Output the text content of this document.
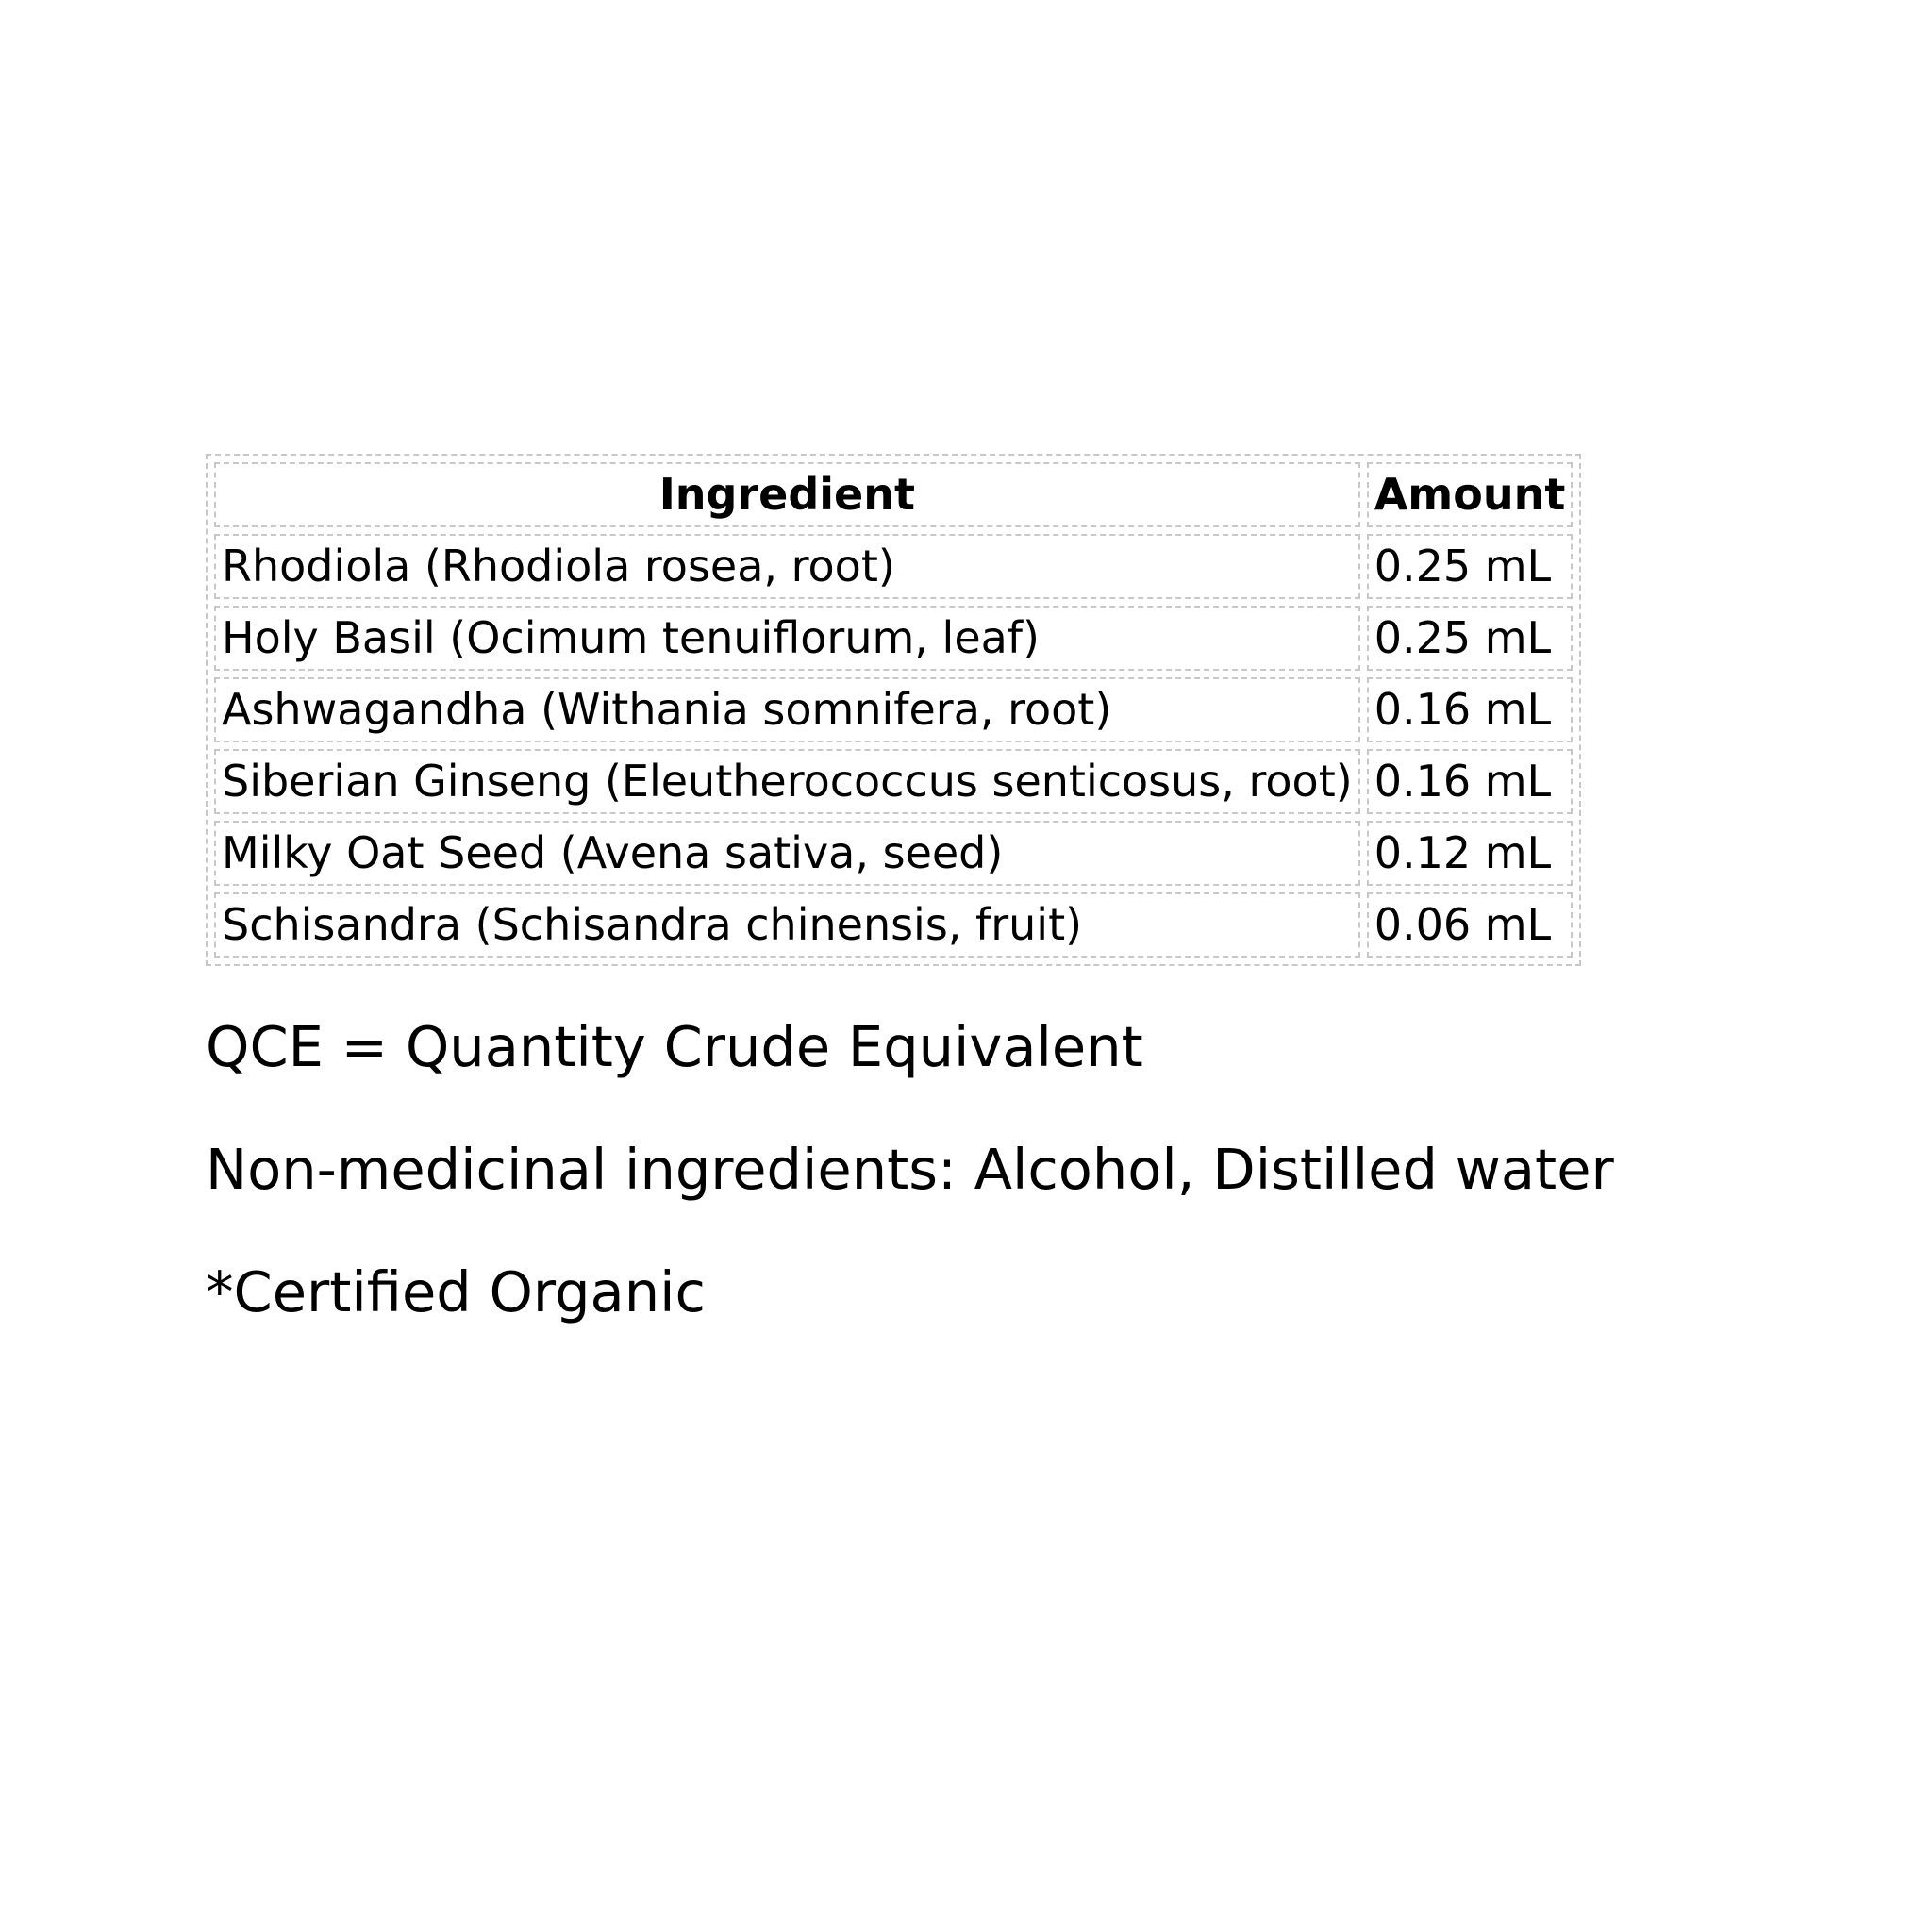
Ingredient	Amount
Rhodiola (Rhodiola rosea, root)	0.25 mL
Holy Basil (Ocimum tenuiflorum, leaf)	0.25 mL
Ashwagandha (Withania somnifera, root)	0.16 mL
Siberian Ginseng (Eleutherococcus senticosus, root)	0.16 mL
Milky Oat Seed (Avena sativa, seed)	0.12 mL
Schisandra (Schisandra chinensis, fruit)	0.06 mL

QCE = Quantity Crude Equivalent

Non-medicinal ingredients: Alcohol, Distilled water

*Certified Organic
